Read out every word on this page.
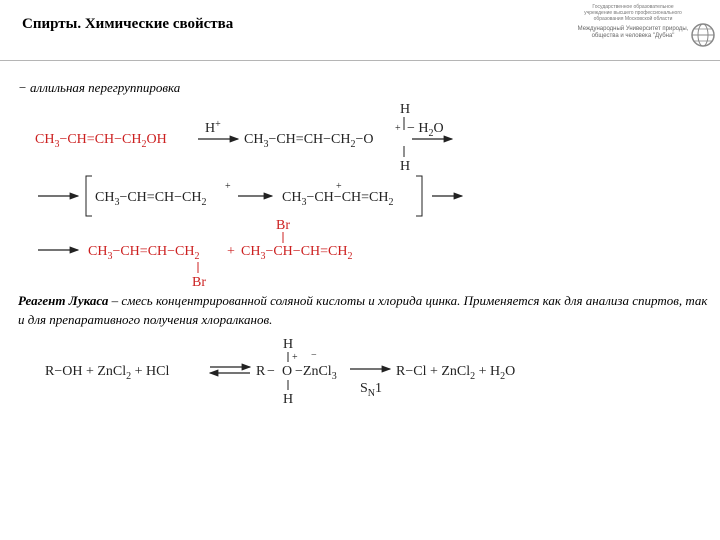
Спирты. Химические свойства
Государственное образовательное учреждение высшего профессионального образования Московской области
Международный Университет природы, общества и человека "Дубна"
− аллильная перегруппировка
$CH_3-CH=CH-CH_2OH$
H+
$CH_3-CH=CH-CH_2-O$
H
+
H
− $H_2O$
$CH_3-CH=CH-CH_2$
+
$CH_3-CH-CH=CH_2$
+
Br
$CH_3-CH=CH-CH_2$
Br
+ $CH_3-CH-CH=CH_2$
R−OH + ZnCl$_2$ + HCl	R − O
H
+ −
H
−ZnCl$_3$
$S_N1$
R−Cl + ZnCl$_2$ + $H_2O$
Реагент Лукаса – смесь концентрированной соляной кислоты и хлорида цинка. Применяется как для анализа спиртов, так и для препаративного получения хлоралканов.
